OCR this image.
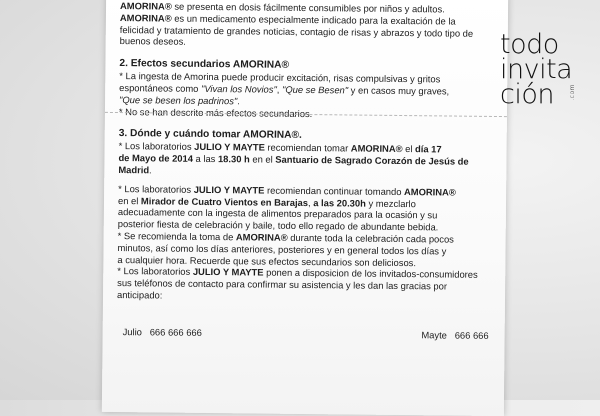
AMORINA® se presenta en dosis fácilmente consumibles por niños y adultos.

AMORINA® es un medicamento especialmente indicado para la exaltación de la

felicidad y tratamiento de grandes noticias, contagio de risas y abrazos y todo tipo de

buenos deseos.

2. Efectos secundarios AMORINA®

* La ingesta de Amorina puede producir excitación, risas compulsivas y gritos

espontáneos como "Vivan los Novios", "Que se Besen" y en casos muy graves,

"Que se besen los padrinos".

* No se han descrito más efectos secundarios.

3. Dónde y cuándo tomar AMORINA®.

* Los laboratorios JULIO Y MAYTE recomiendan tomar AMORINA® el día 17

de Mayo de 2014 a las 18.30 h en el Santuario de Sagrado Corazón de Jesús de

Madrid.

* Los laboratorios JULIO Y MAYTE recomiendan continuar tomando AMORINA®

en el Mirador de Cuatro Vientos en Barajas, a las 20.30h y mezclarlo

adecuadamente con la ingesta de alimentos preparados para la ocasión y su

posterior fiesta de celebración y baile, todo ello regado de abundante bebida.

* Se recomienda la toma de AMORINA® durante toda la celebración cada pocos

minutos, así como los días anteriores, posteriores y en general todos los días y

a cualquier hora. Recuerde que sus efectos secundarios son deliciosos.

* Los laboratorios JULIO Y MAYTE ponen a disposicion de los invitados-consumidores

sus teléfonos de contacto para confirmar su asistencia y les dan las gracias por

anticipado:

Julio   666 666 666	Mayte   666 666
todo
invita
ción	.com
